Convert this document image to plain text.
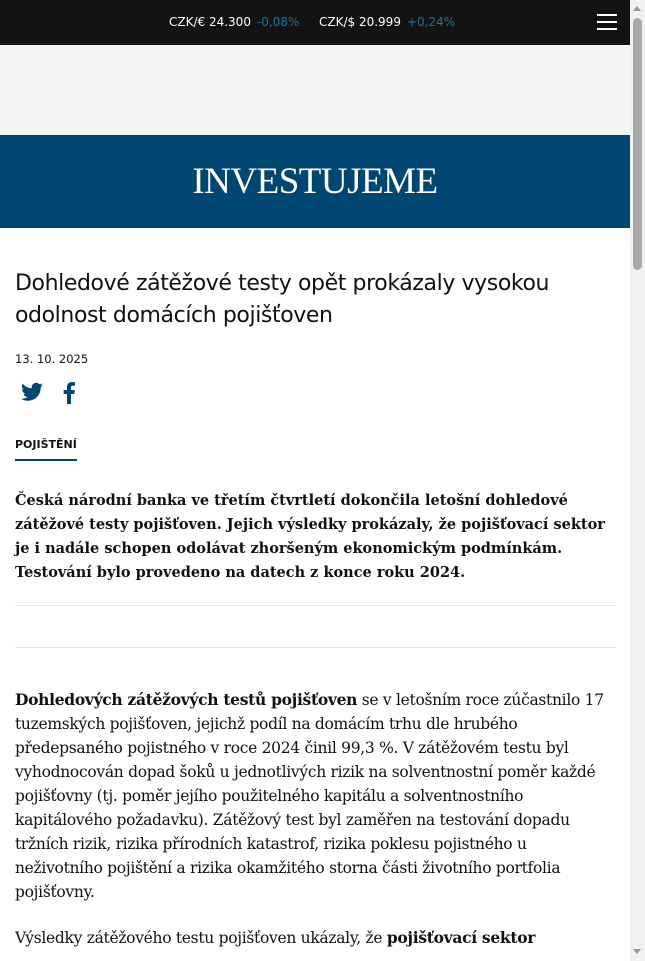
CZK/€ 24.300 -0,08% CZK/$ 20.999 +0,24%
INVESTUJEME
Dohledové zátěžové testy opět prokázaly vysokou odolnost domácích pojišťoven
13. 10. 2025
POJIŠTĚNÍ
Česká národní banka ve třetím čtvrtletí dokončila letošní dohledové zátěžové testy pojišťoven. Jejich výsledky prokázaly, že pojišťovací sektor je i nadále schopen odolávat zhoršeným ekonomickým podmínkám. Testování bylo provedeno na datech z konce roku 2024.

Dohledových zátěžových testů pojišťoven se v letošním roce zúčastnilo 17 tuzemských pojišťoven, jejichž podíl na domácím trhu dle hrubého předepsaného pojistného v roce 2024 činil 99,3 %. V zátěžovém testu byl vyhodnocován dopad šoků u jednotlivých rizik na solventnostní poměr každé pojišťovny (tj. poměr jejího použitelného kapitálu a solventnostního kapitálového požadavku). Zátěžový test byl zaměřen na testování dopadu tržních rizik, rizika přírodních katastrof, rizika poklesu pojistného u neživotního pojištění a rizika okamžitého storna části životního portfolia pojišťovny.

Výsledky zátěžového testu pojišťoven ukázaly, že pojišťovací sektor
